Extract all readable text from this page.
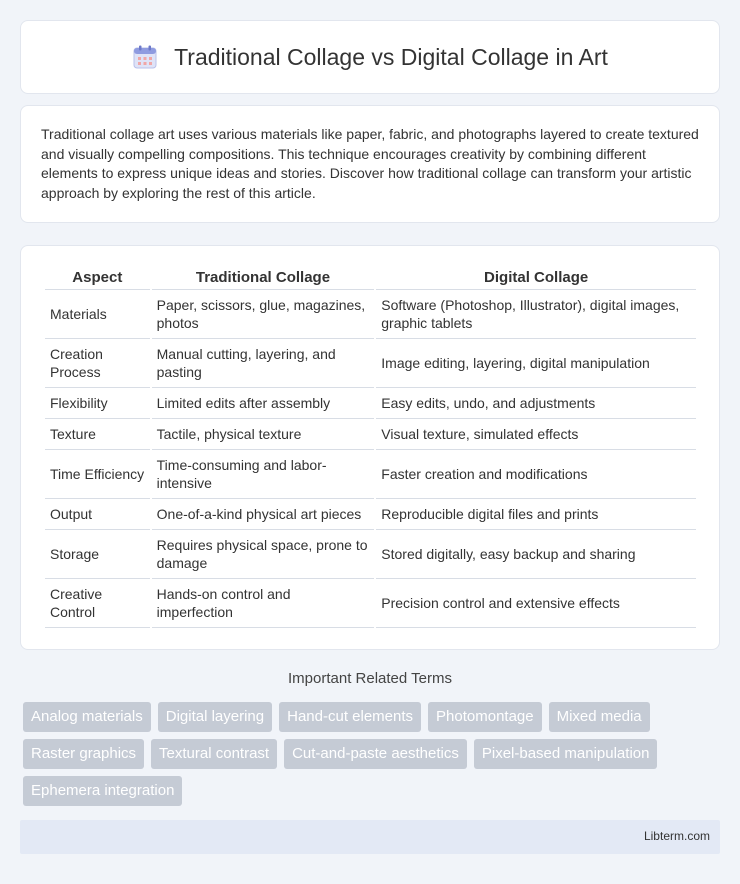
Traditional Collage vs Digital Collage in Art

Traditional collage art uses various materials like paper, fabric, and photographs layered to create textured and visually compelling compositions. This technique encourages creativity by combining different elements to express unique ideas and stories. Discover how traditional collage can transform your artistic approach by exploring the rest of this article.

Aspect	Traditional Collage	Digital Collage
Materials	Paper, scissors, glue, magazines, photos	Software (Photoshop, Illustrator), digital images, graphic tablets
Creation Process	Manual cutting, layering, and pasting	Image editing, layering, digital manipulation
Flexibility	Limited edits after assembly	Easy edits, undo, and adjustments
Texture	Tactile, physical texture	Visual texture, simulated effects
Time Efficiency	Time-consuming and labor-intensive	Faster creation and modifications
Output	One-of-a-kind physical art pieces	Reproducible digital files and prints
Storage	Requires physical space, prone to damage	Stored digitally, easy backup and sharing
Creative Control	Hands-on control and imperfection	Precision control and extensive effects
Important Related Terms
Analog materials	Digital layering	Hand-cut elements	Photomontage	Mixed media
Raster graphics	Textural contrast	Cut-and-paste aesthetics	Pixel-based manipulation
Ephemera integration
Libterm.com
